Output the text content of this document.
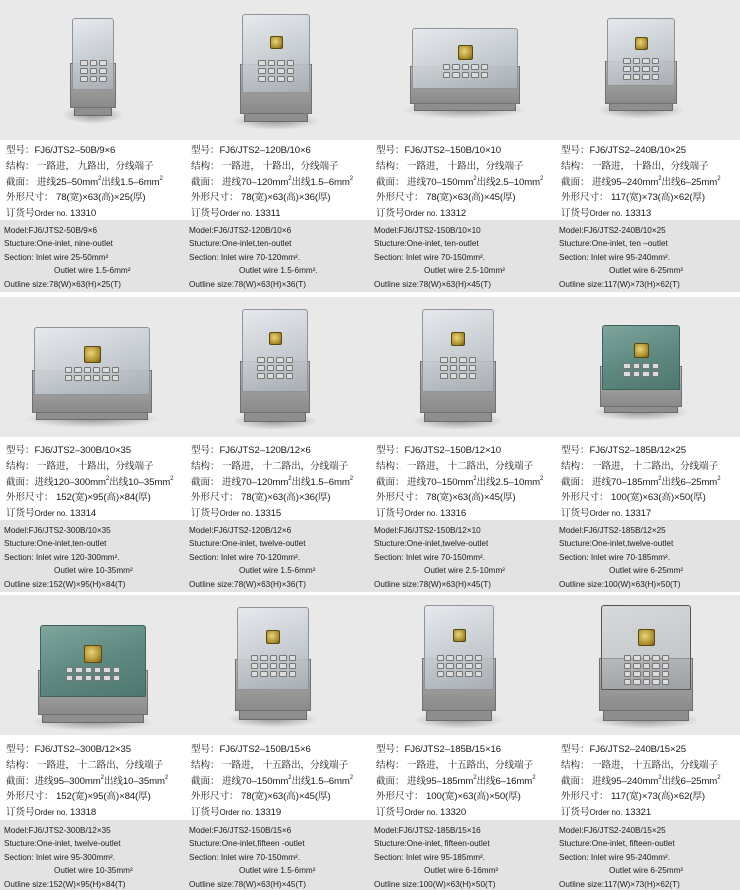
型号：FJ6/JTS2–50B/9×6
结构： 一路进， 九路出，分线端子
截面： 进线$25-50mm^2$出线$1.5-6mm^2$
外形尺寸： 78(宽)×63(高)×25(厚)
订货号Order no. 13310
Model:FJ6/JTS2-50B/9×6
Stucture:One-inlet, nine-outlet
Section: Inlet wire 25-50mm²
Outlet wire 1.5-6mm²
Outline size:78(W)×63(H)×25(T)
型号：FJ6/JTS2–120B/10×6
结构： 一路进， 十路出，分线端子
截面： 进线$70-120mm^2$出线$1.5-6mm^2$
外形尺寸： 78(宽)×63(高)×36(厚)
订货号Order no. 13311
Model:FJ6/JTS2-120B/10×6
Stucture:One-inlet,ten-outlet
Section: Inlet wire 70-120mm².
Outlet wire 1.5-6mm².
Outline size:78(W)×63(H)×36(T)
型号：FJ6/JTS2–150B/10×10
结构： 一路进， 十路出，分线端子
截面： 进线$70-150mm^2$出线$2.5-10mm^2$
外形尺寸： 78(宽)×63(高)×45(厚)
订货号Order no. 13312
Model:FJ6/JTS2-150B/10×10
Stucture:One-inlet, ten-outlet
Section: Inlet wire 70-150mm².
Outlet wire 2.5-10mm²
Outline size:78(W)×63(H)×45(T)
型号：FJ6/JTS2–240B/10×25
结构： 一路进， 十路出，分线端子
截面： 进线$95-240mm^2$出线$6-25mm^2$
外形尺寸： 117(宽)×73(高)×62(厚)
订货号Order no. 13313
Model:FJ6/JTS2-240B/10×25
Stucture:One-inlet, ten –outlet
Section: Inlet wire 95-240mm².
Outlet wire 6-25mm²
Outline size:117(W)×73(H)×62(T)
型号：FJ6/JTS2–300B/10×35
结构： 一路进， 十路出，分线端子
截面：进线$120-300mm^2$出线$10-35mm^2$
外形尺寸： 152(宽)×95(高)×84(厚)
订货号Order no. 13314
Model:FJ6/JTS2-300B/10×35
Stucture:One-inlet,ten-outlet
Section: Inlet wire 120-300mm².
Outlet wire 10-35mm²
Outline size:152(W)×95(H)×84(T)
型号：FJ6/JTS2–120B/12×6
结构： 一路进， 十二路出，分线端子
截面： 进线$70-120mm^2$出线$1.5-6mm^2$
外形尺寸： 78(宽)×63(高)×36(厚)
订货号Order no. 13315
Model:FJ6/JTS2-120B/12×6
Stucture:One-inlet, twelve-outlet
Section: Inlet wire 70-120mm².
Outlet wire 1.5-6mm²
Outline size:78(W)×63(H)×36(T)
型号：FJ6/JTS2–150B/12×10
结构： 一路进， 十二路出，分线端子
截面： 进线$70-150mm^2$出线$2.5-10mm^2$
外形尺寸： 78(宽)×63(高)×45(厚)
订货号Order no. 13316
Model:FJ6/JTS2-150B/12×10
Stucture:One-inlet,twelve-outlet
Section: Inlet wire 70-150mm².
Outlet wire 2.5-10mm²
Outline size:78(W)×63(H)×45(T)
型号：FJ6/JTS2–185B/12×25
结构： 一路进， 十二路出，分线端子
截面： 进线$70-185mm^2$出线$6-25mm^2$
外形尺寸： 100(宽)×63(高)×50(厚)
订货号Order no. 13317
Model:FJ6/JTS2-185B/12×25
Stucture:One-inlet,twelve-outlet
Section: Inlet wire 70-185mm².
Outlet wire 6-25mm²
Outline size:100(W)×63(H)×50(T)
型号：FJ6/JTS2–300B/12×35
结构： 一路进， 十二路出，分线端子
截面：进线$95-300mm^2$出线$10-35mm^2$
外形尺寸： 152(宽)×95(高)×84(厚)
订货号Order no. 13318
Model:FJ6/JTS2-300B/12×35
Stucture:One-inlet, twelve-outlet
Section: Inlet wire 95-300mm².
Outlet wire 10-35mm²
Outline size:152(W)×95(H)×84(T)
型号：FJ6/JTS2–150B/15×6
结构： 一路进， 十五路出，分线端子
截面： 进线$70-150mm^2$出线$1.5-6mm^2$
外形尺寸： 78(宽)×63(高)×45(厚)
订货号Order no. 13319
Model:FJ6/JTS2-150B/15×6
Stucture:One-inlet,fifteen -outlet
Section: Inlet wire 70-150mm².
Outlet wire 1.5-6mm²
Outline size:78(W)×63(H)×45(T)
型号：FJ6/JTS2–185B/15×16
结构： 一路进， 十五路出，分线端子
截面： 进线$95-185mm^2$出线$6-16mm^2$
外形尺寸： 100(宽)×63(高)×50(厚)
订货号Order no. 13320
Model:FJ6/JTS2-185B/15×16
Stucture:One-inlet, fifteen-outlet
Section: Inlet wire 95-185mm².
Outlet wire 6-16mm²
Outline size:100(W)×63(H)×50(T)
型号：FJ6/JTS2–240B/15×25
结构： 一路进， 十五路出，分线端子
截面： 进线$95-240mm^2$出线$6-25mm^2$
外形尺寸： 117(宽)×73(高)×62(厚)
订货号Order no. 13321
Model:FJ6/JTS2-240B/15×25
Stucture:One-inlet, fifteen-outlet
Section: Inlet wire 95-240mm².
Outlet wire 6-25mm²
Outline size:117(W)×73(H)×62(T)
